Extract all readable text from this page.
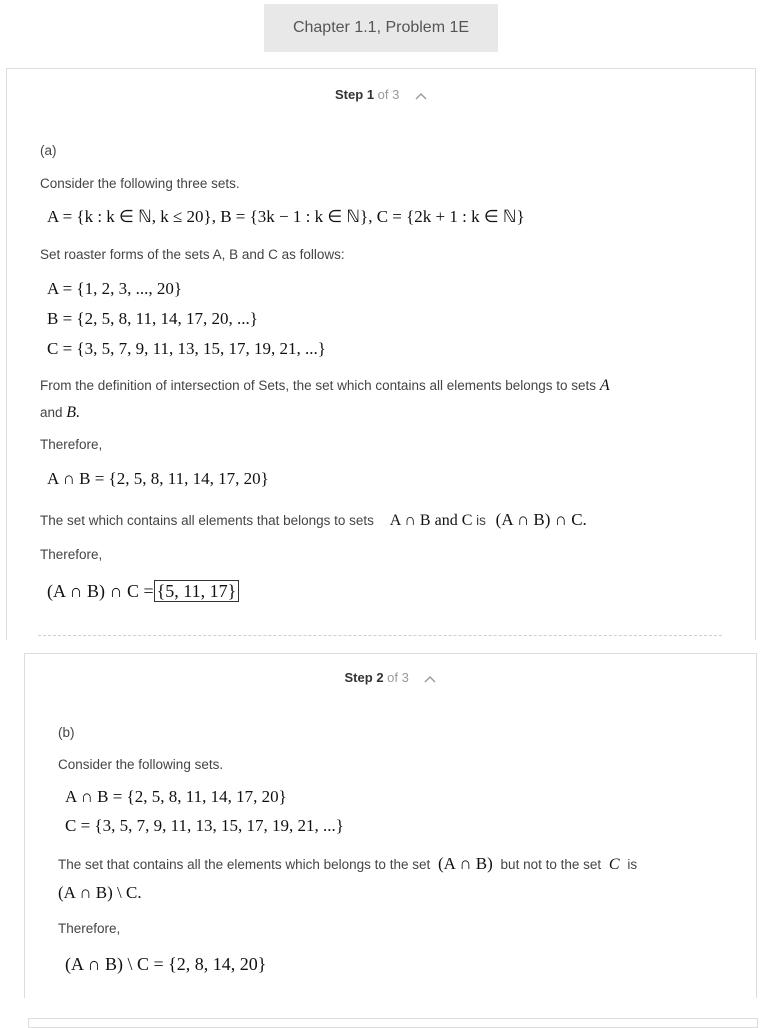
Chapter 1.1, Problem 1E
Step 1 of 3
(a)
Consider the following three sets.
A = {k : k ∈ ℕ, k ≤ 20}, B = {3k − 1 : k ∈ ℕ}, C = {2k + 1 : k ∈ ℕ}
Set roaster forms of the sets A, B and C as follows:
A = {1, 2, 3, ..., 20}
B = {2, 5, 8, 11, 14, 17, 20, ...}
C = {3, 5, 7, 9, 11, 13, 15, 17, 19, 21, ...}
From the definition of intersection of Sets, the set which contains all elements belongs to sets A
and B.
Therefore,
A ∩ B = {2, 5, 8, 11, 14, 17, 20}
The set which contains all elements that belongs to sets A ∩ B and C is (A ∩ B) ∩ C.
Therefore,
(A ∩ B) ∩ C = {5, 11, 17}
Step 2 of 3
(b)
Consider the following sets.
A ∩ B = {2, 5, 8, 11, 14, 17, 20}
C = {3, 5, 7, 9, 11, 13, 15, 17, 19, 21, ...}
The set that contains all the elements which belongs to the set (A ∩ B) but not to the set C is
(A ∩ B) \ C.
Therefore,
(A ∩ B) \ C = {2, 8, 14, 20}
